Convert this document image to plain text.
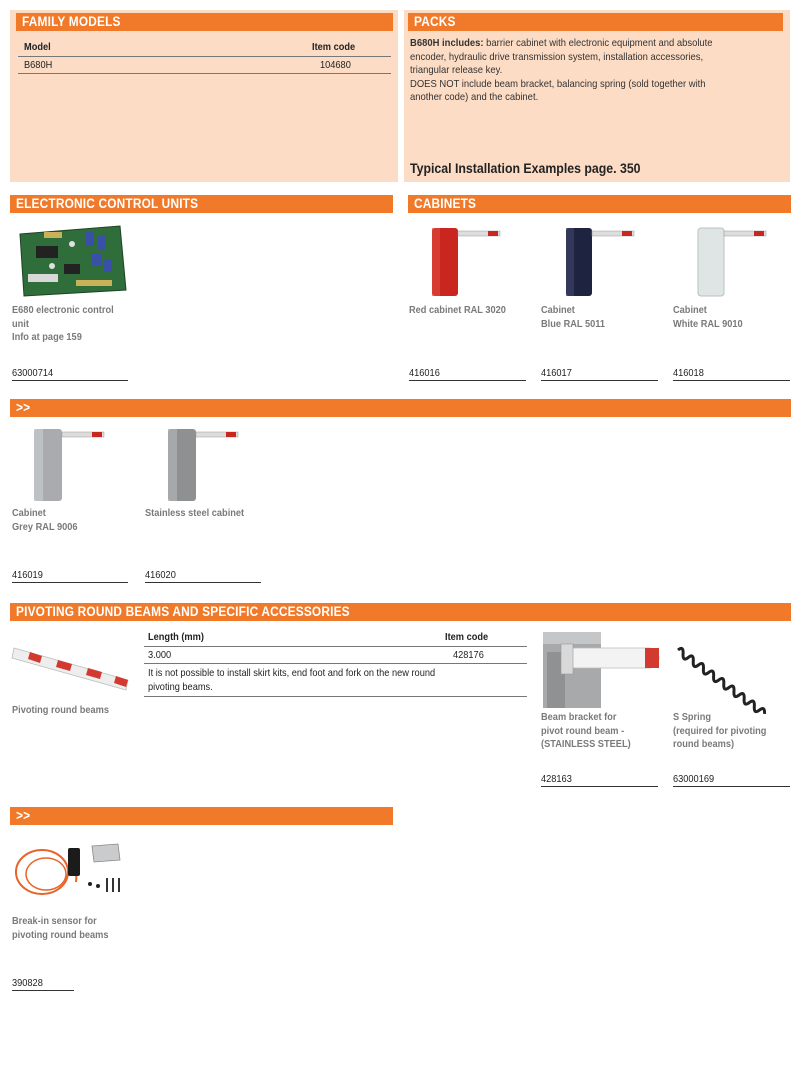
FAMILY MODELS
Model	Item code
B680H	104680
PACKS
B680H includes: barrier cabinet with electronic equipment and absolute
encoder, hydraulic drive transmission system, installation accessories,
triangular release key.
DOES NOT include beam bracket, balancing spring (sold together with
another code) and the cabinet.
Typical Installation Examples page. 350
ELECTRONIC CONTROL UNITS
E680 electronic control
unit
Info at page 159
63000714
CABINETS
Red cabinet RAL 3020
416016
Cabinet
Blue RAL 5011
416017
Cabinet
White RAL 9010
416018
>>
Cabinet
Grey RAL 9006
416019
Stainless steel cabinet
416020
PIVOTING ROUND BEAMS AND SPECIFIC ACCESSORIES
Pivoting round beams
Length (mm)	Item code
3.000	428176
It is not possible to install skirt kits, end foot and fork on the new round
pivoting beams.
Beam bracket for
pivot round beam -
(STAINLESS STEEL)
428163
S Spring
(required for pivoting
round beams)
63000169
>>
Break-in sensor for
pivoting round beams
390828
